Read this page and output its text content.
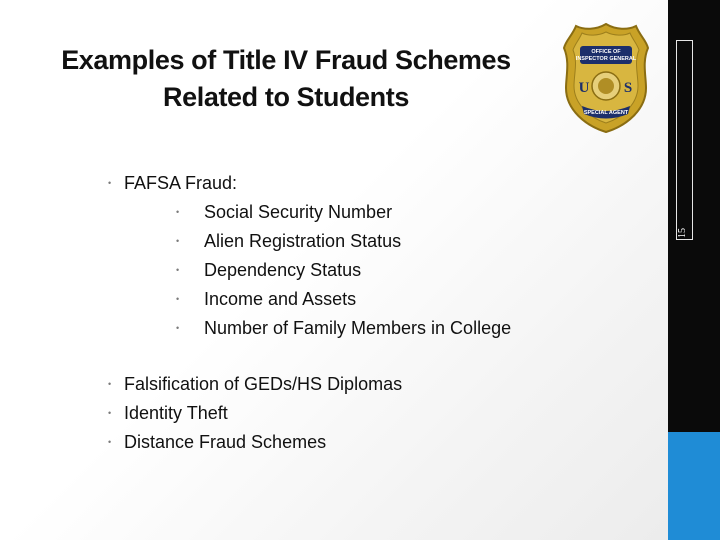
15
Examples of Title IV Fraud Schemes
Related to Students
OFFICE OF
INSPECTOR GENERAL
U S
SPECIAL AGENT
• FAFSA Fraud:
• Social Security Number
• Alien Registration Status
• Dependency Status
• Income and Assets
• Number of Family Members in College
• Falsification of GEDs/HS Diplomas
• Identity Theft
• Distance Fraud Schemes
